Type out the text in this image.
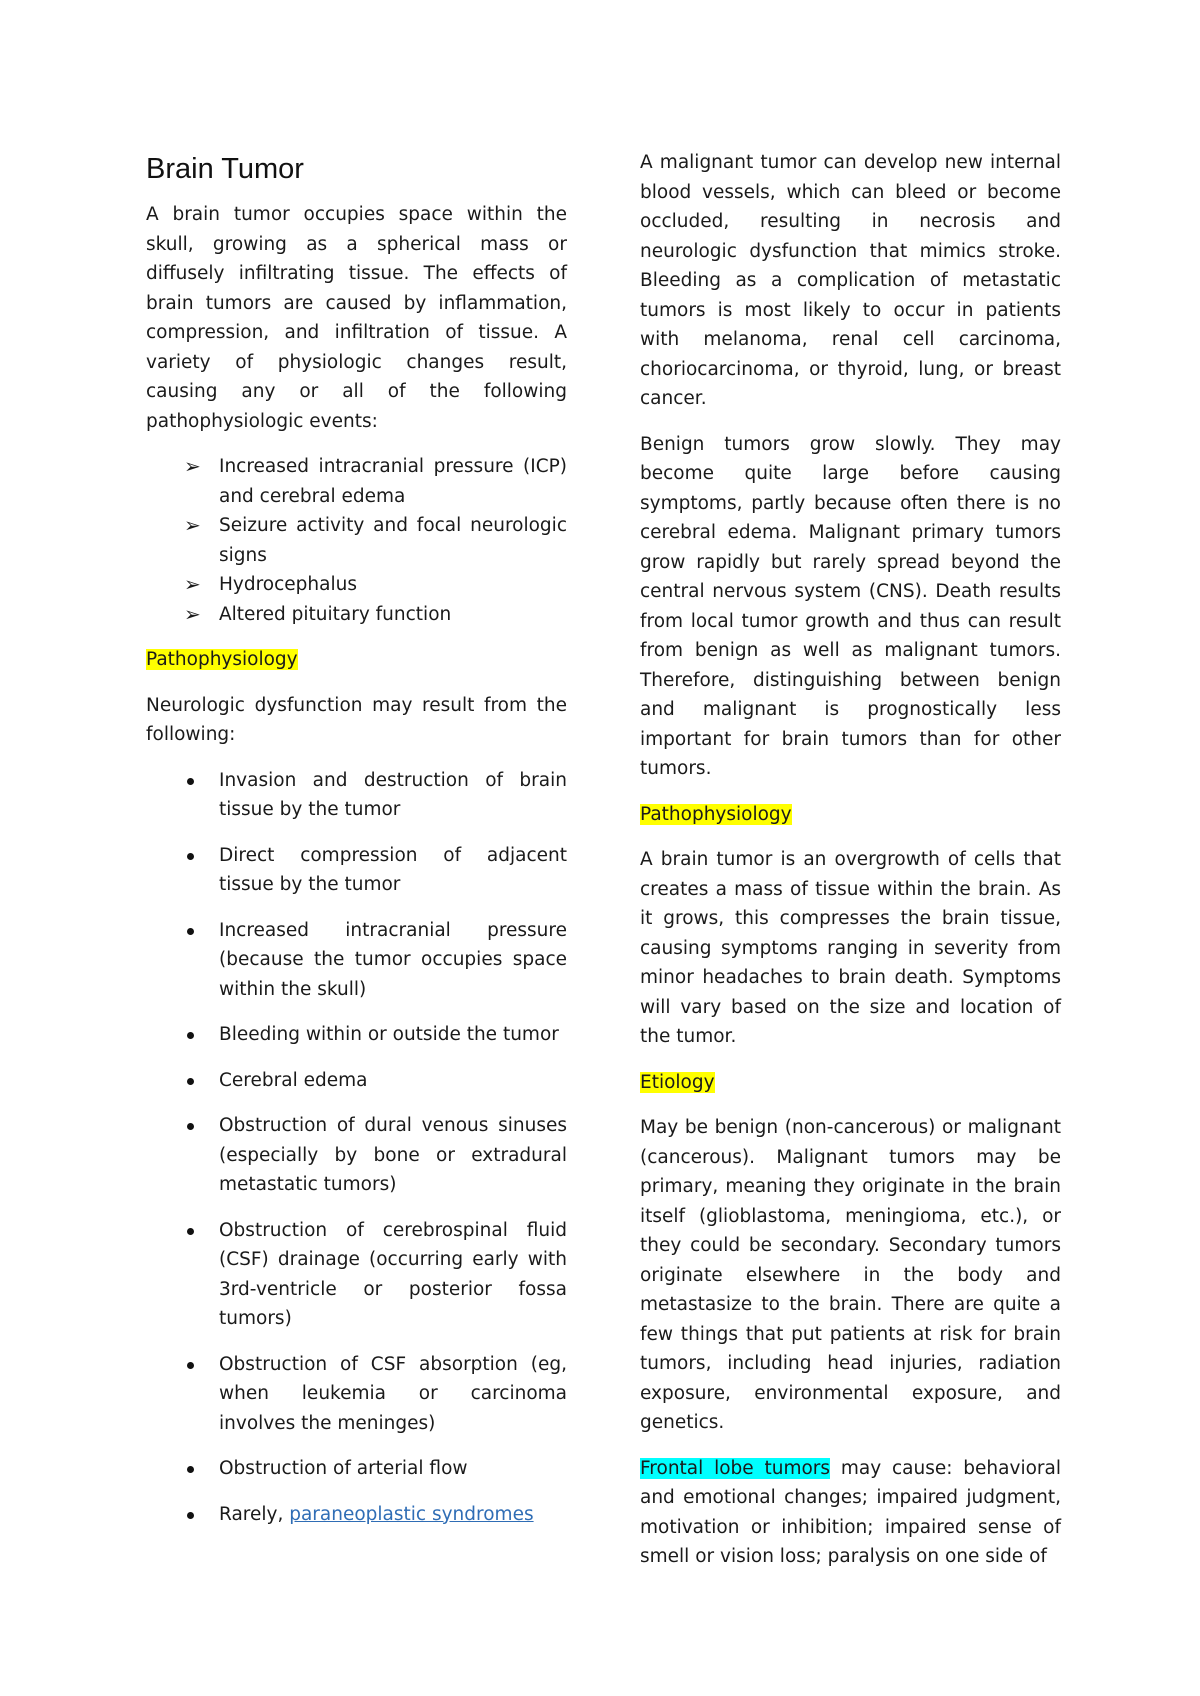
Brain Tumor

A brain tumor occupies space within the skull, growing as a spherical mass or diffusely infiltrating tissue. The effects of brain tumors are caused by inflammation, compression, and infiltration of tissue. A variety of physiologic changes result, causing any or all of the following pathophysiologic events:

➢ Increased intracranial pressure (ICP) and cerebral edema
➢ Seizure activity and focal neurologic signs
➢ Hydrocephalus
➢ Altered pituitary function
Pathophysiology

Neurologic dysfunction may result from the following:

Invasion and destruction of brain tissue by the tumor
Direct compression of adjacent tissue by the tumor
Increased intracranial pressure (because the tumor occupies space within the skull)
Bleeding within or outside the tumor
Cerebral edema
Obstruction of dural venous sinuses (especially by bone or extradural metastatic tumors)
Obstruction of cerebrospinal fluid (CSF) drainage (occurring early with 3rd-ventricle or posterior fossa tumors)
Obstruction of CSF absorption (eg, when leukemia or carcinoma involves the meninges)
Obstruction of arterial flow
Rarely, paraneoplastic syndromes

A malignant tumor can develop new internal blood vessels, which can bleed or become occluded, resulting in necrosis and neurologic dysfunction that mimics stroke. Bleeding as a complication of metastatic tumors is most likely to occur in patients with melanoma, renal cell carcinoma, choriocarcinoma, or thyroid, lung, or breast cancer.

Benign tumors grow slowly. They may become quite large before causing symptoms, partly because often there is no cerebral edema. Malignant primary tumors grow rapidly but rarely spread beyond the central nervous system (CNS). Death results from local tumor growth and thus can result from benign as well as malignant tumors. Therefore, distinguishing between benign and malignant is prognostically less important for brain tumors than for other tumors.

Pathophysiology

A brain tumor is an overgrowth of cells that creates a mass of tissue within the brain. As it grows, this compresses the brain tissue, causing symptoms ranging in severity from minor headaches to brain death. Symptoms will vary based on the size and location of the tumor.

Etiology

May be benign (non-cancerous) or malignant (cancerous). Malignant tumors may be primary, meaning they originate in the brain itself (glioblastoma, meningioma, etc.), or they could be secondary. Secondary tumors originate elsewhere in the body and metastasize to the brain. There are quite a few things that put patients at risk for brain tumors, including head injuries, radiation exposure, environmental exposure, and genetics.

Frontal lobe tumors may cause: behavioral and emotional changes; impaired judgment, motivation or inhibition; impaired sense of smell or vision loss; paralysis on one side of
